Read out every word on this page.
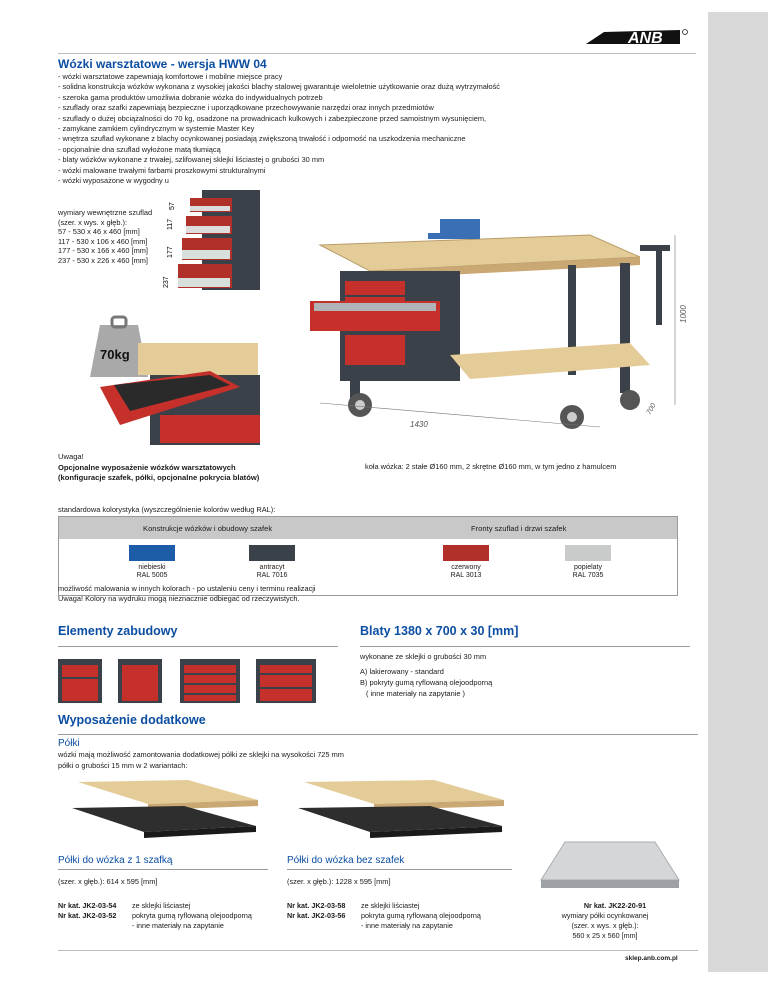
ANB
Wózki warsztatowe - wersja HWW 04
- wózki warsztatowe zapewniają komfortowe i mobilne miejsce pracy
- solidna konstrukcja wózków wykonana z wysokiej jakości blachy stalowej gwarantuje wieloletnie użytkowanie oraz dużą wytrzymałość
- szeroka gama produktów umożliwia dobranie wózka do indywidualnych potrzeb
- szuflady oraz szafki zapewniają bezpieczne i uporządkowane przechowywanie narzędzi oraz innych przedmiotów
- szuflady o dużej obciążalności do 70 kg, osadzone na prowadnicach kulkowych i zabezpieczone przed samoistnym wysunięciem,
- zamykane zamkiem cylindrycznym w systemie Master Key
- wnętrza szuflad wykonane z blachy ocynkowanej posiadają zwiększoną trwałość i odporność na uszkodzenia mechaniczne
- opcjonalnie dna szuflad wyłożone matą tłumiącą
- blaty wózków wykonane z trwałej, szlifowanej sklejki liściastej o grubości 30 mm
- wózki malowane trwałymi farbami proszkowymi strukturalnymi
- wózki wyposażone w wygodny u
wymiary wewnętrzne szuflad
(szer. x wys. x głęb.):
57 - 530 x 46 x 460 [mm]
117 - 530 x 106 x 460 [mm]
177 - 530 x 166 x 460 [mm]
237 - 530 x 226 x 460 [mm]
237
177
117
57
1430
1000
700
70kg
Uwaga!
Opcjonalne wyposażenie wózków warsztatowych
(konfiguracje szafek, półki, opcjonalne pokrycia blatów)
koła wózka: 2 stałe Ø160 mm, 2 skrętne Ø160 mm, w tym jedno z hamulcem
standardowa kolorystyka (wyszczególnienie kolorów według RAL):
Konstrukcje wózków i obudowy szafek	Fronty szuflad i drzwi szafek
niebieski
RAL 5005
antracyt
RAL 7016
czerwony
RAL 3013
popielaty
RAL 7035
możliwość malowania w innych kolorach - po ustaleniu ceny i terminu realizacji
Uwaga! Kolory na wydruku mogą nieznacznie odbiegać od rzeczywistych.
Elementy zabudowy	Blaty 1380 x 700 x 30 [mm]
wykonane ze sklejki o grubości 30 mm
A) lakierowany - standard
B) pokryty gumą ryflowaną olejoodporną
( inne materiały na zapytanie )
Wyposażenie dodatkowe
Półki
wózki mają możliwość zamontowania dodatkowej półki ze sklejki na wysokości 725 mm
półki o grubości 15 mm w 2 wariantach:
Półki do wózka z 1 szafką
(szer. x głęb.): 614 x 595 [mm]
Półki do wózka bez szafek
(szer. x głęb.): 1228 x 595 [mm]
Nr kat. JK2-03-54	ze sklejki liściastej
Nr kat. JK2-03-52	pokryta gumą ryflowaną olejoodporną
- inne materiały na zapytanie
Nr kat. JK2-03-58	ze sklejki liściastej
Nr kat. JK2-03-56	pokryta gumą ryflowaną olejoodporną
- inne materiały na zapytanie
Nr kat. JK22-20-91
wymiary półki ocynkowanej
(szer. x wys. x głęb.):
560 x 25 x 560 [mm]
sklep.anb.com.pl
